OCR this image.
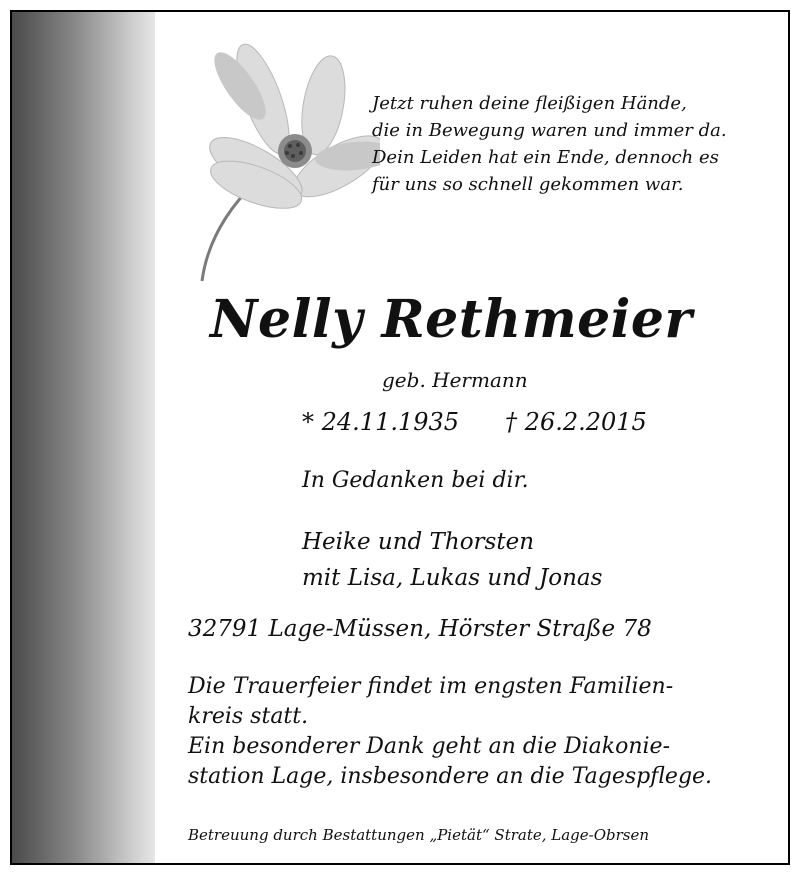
Jetzt ruhen deine fleißigen Hände,
die in Bewegung waren und immer da.
Dein Leiden hat ein Ende, dennoch es
für uns so schnell gekommen war.
Nelly Rethmeier
geb. Hermann
* 24.11.1935 † 26.2.2015
In Gedanken bei dir.
Heike und Thorsten
mit Lisa, Lukas und Jonas
32791 Lage-Müssen, Hörster Straße 78
Die Trauerfeier findet im engsten Familien-
kreis statt.
Ein besonderer Dank geht an die Diakonie-
station Lage, insbesondere an die Tagespflege.
Betreuung durch Bestattungen „Pietät“ Strate, Lage-Obrsen
